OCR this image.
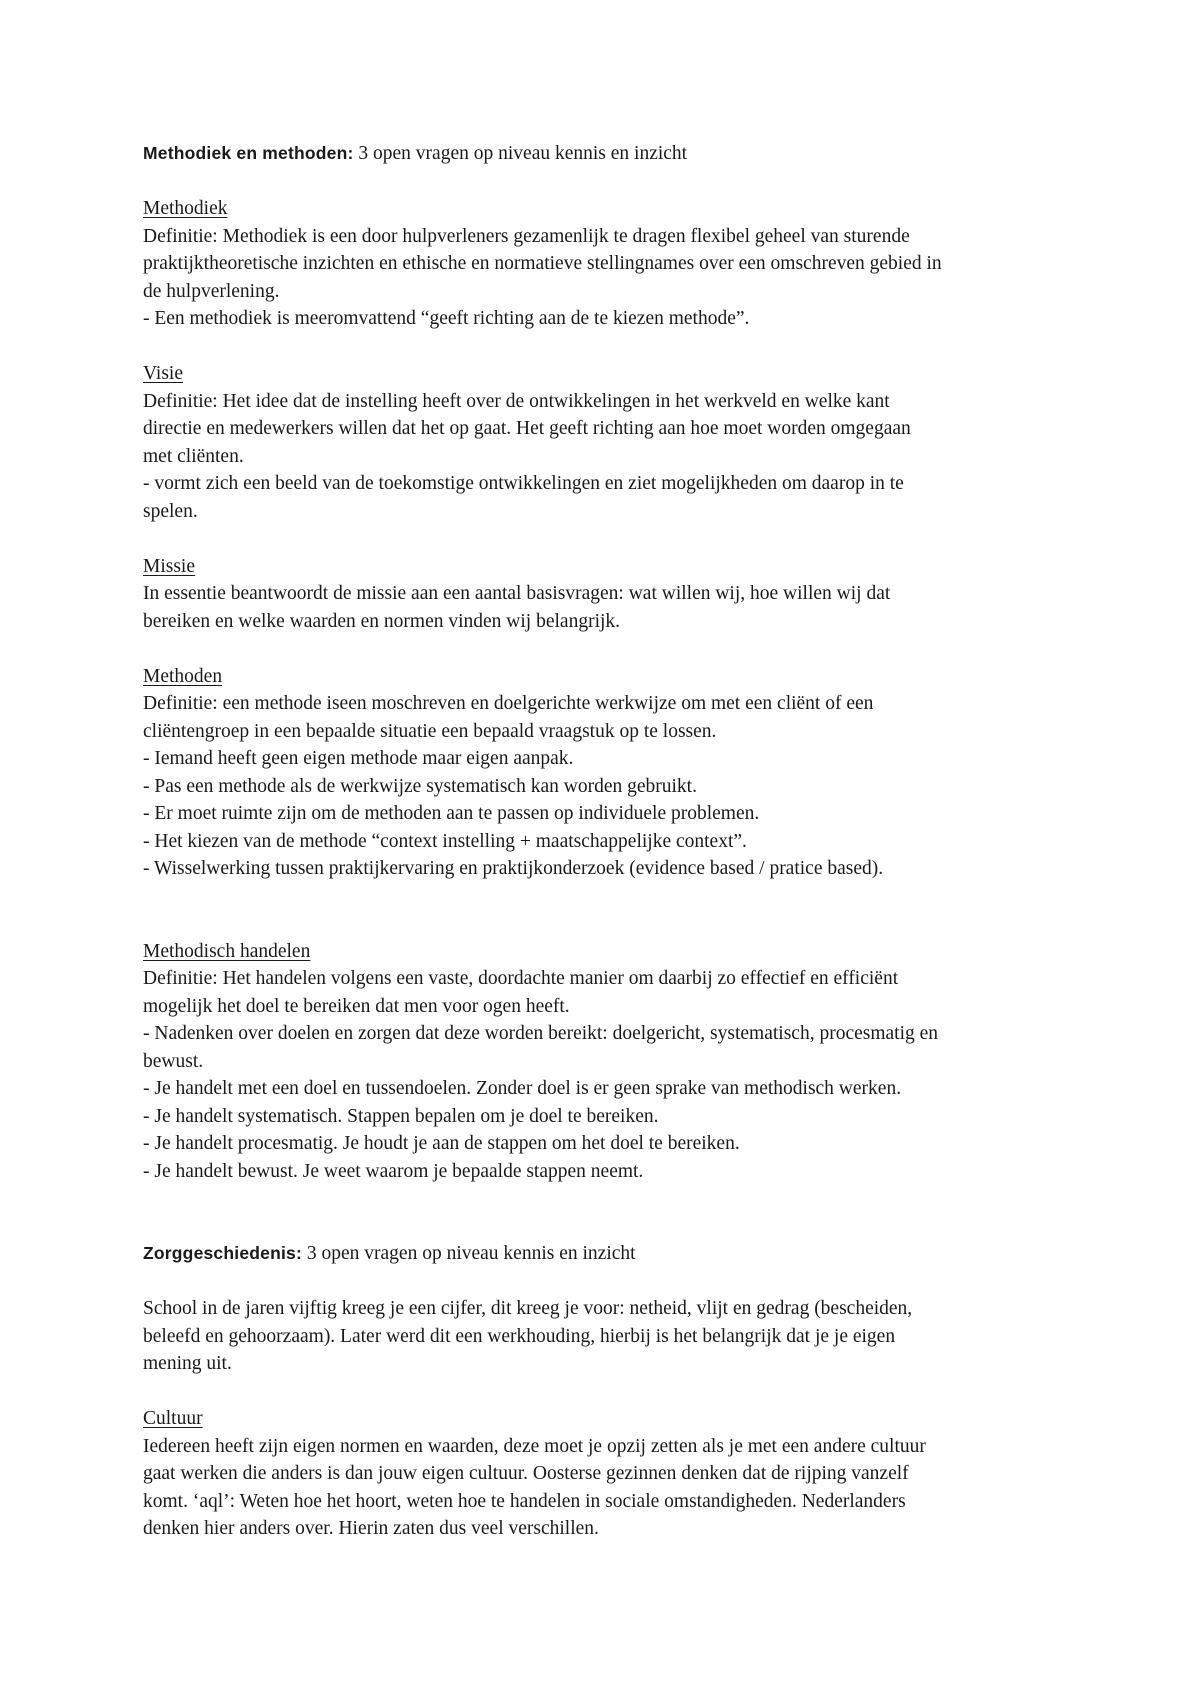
Methodiek en methoden: 3 open vragen op niveau kennis en inzicht
Methodiek
Definitie: Methodiek is een door hulpverleners gezamenlijk te dragen flexibel geheel van sturende
praktijktheoretische inzichten en ethische en normatieve stellingnames over een omschreven gebied in
de hulpverlening.
- Een methodiek is meeromvattend “geeft richting aan de te kiezen methode”.
Visie
Definitie: Het idee dat de instelling heeft over de ontwikkelingen in het werkveld en welke kant
directie en medewerkers willen dat het op gaat. Het geeft richting aan hoe moet worden omgegaan
met cliënten.
- vormt zich een beeld van de toekomstige ontwikkelingen en ziet mogelijkheden om daarop in te
spelen.
Missie
In essentie beantwoordt de missie aan een aantal basisvragen: wat willen wij, hoe willen wij dat
bereiken en welke waarden en normen vinden wij belangrijk.
Methoden
Definitie: een methode iseen moschreven en doelgerichte werkwijze om met een cliënt of een
cliëntengroep in een bepaalde situatie een bepaald vraagstuk op te lossen.
- Iemand heeft geen eigen methode maar eigen aanpak.
- Pas een methode als de werkwijze systematisch kan worden gebruikt.
- Er moet ruimte zijn om de methoden aan te passen op individuele problemen.
- Het kiezen van de methode “context instelling + maatschappelijke context”.
- Wisselwerking tussen praktijkervaring en praktijkonderzoek (evidence based / pratice based).
Methodisch handelen
Definitie: Het handelen volgens een vaste, doordachte manier om daarbij zo effectief en efficiënt
mogelijk het doel te bereiken dat men voor ogen heeft.
- Nadenken over doelen en zorgen dat deze worden bereikt: doelgericht, systematisch, procesmatig en
bewust.
- Je handelt met een doel en tussendoelen. Zonder doel is er geen sprake van methodisch werken.
- Je handelt systematisch. Stappen bepalen om je doel te bereiken.
- Je handelt procesmatig. Je houdt je aan de stappen om het doel te bereiken.
- Je handelt bewust. Je weet waarom je bepaalde stappen neemt.
Zorggeschiedenis: 3 open vragen op niveau kennis en inzicht
School in de jaren vijftig kreeg je een cijfer, dit kreeg je voor: netheid, vlijt en gedrag (bescheiden,
beleefd en gehoorzaam). Later werd dit een werkhouding, hierbij is het belangrijk dat je je eigen
mening uit.
Cultuur
Iedereen heeft zijn eigen normen en waarden, deze moet je opzij zetten als je met een andere cultuur
gaat werken die anders is dan jouw eigen cultuur. Oosterse gezinnen denken dat de rijping vanzelf
komt. ‘aql’: Weten hoe het hoort, weten hoe te handelen in sociale omstandigheden. Nederlanders
denken hier anders over. Hierin zaten dus veel verschillen.
